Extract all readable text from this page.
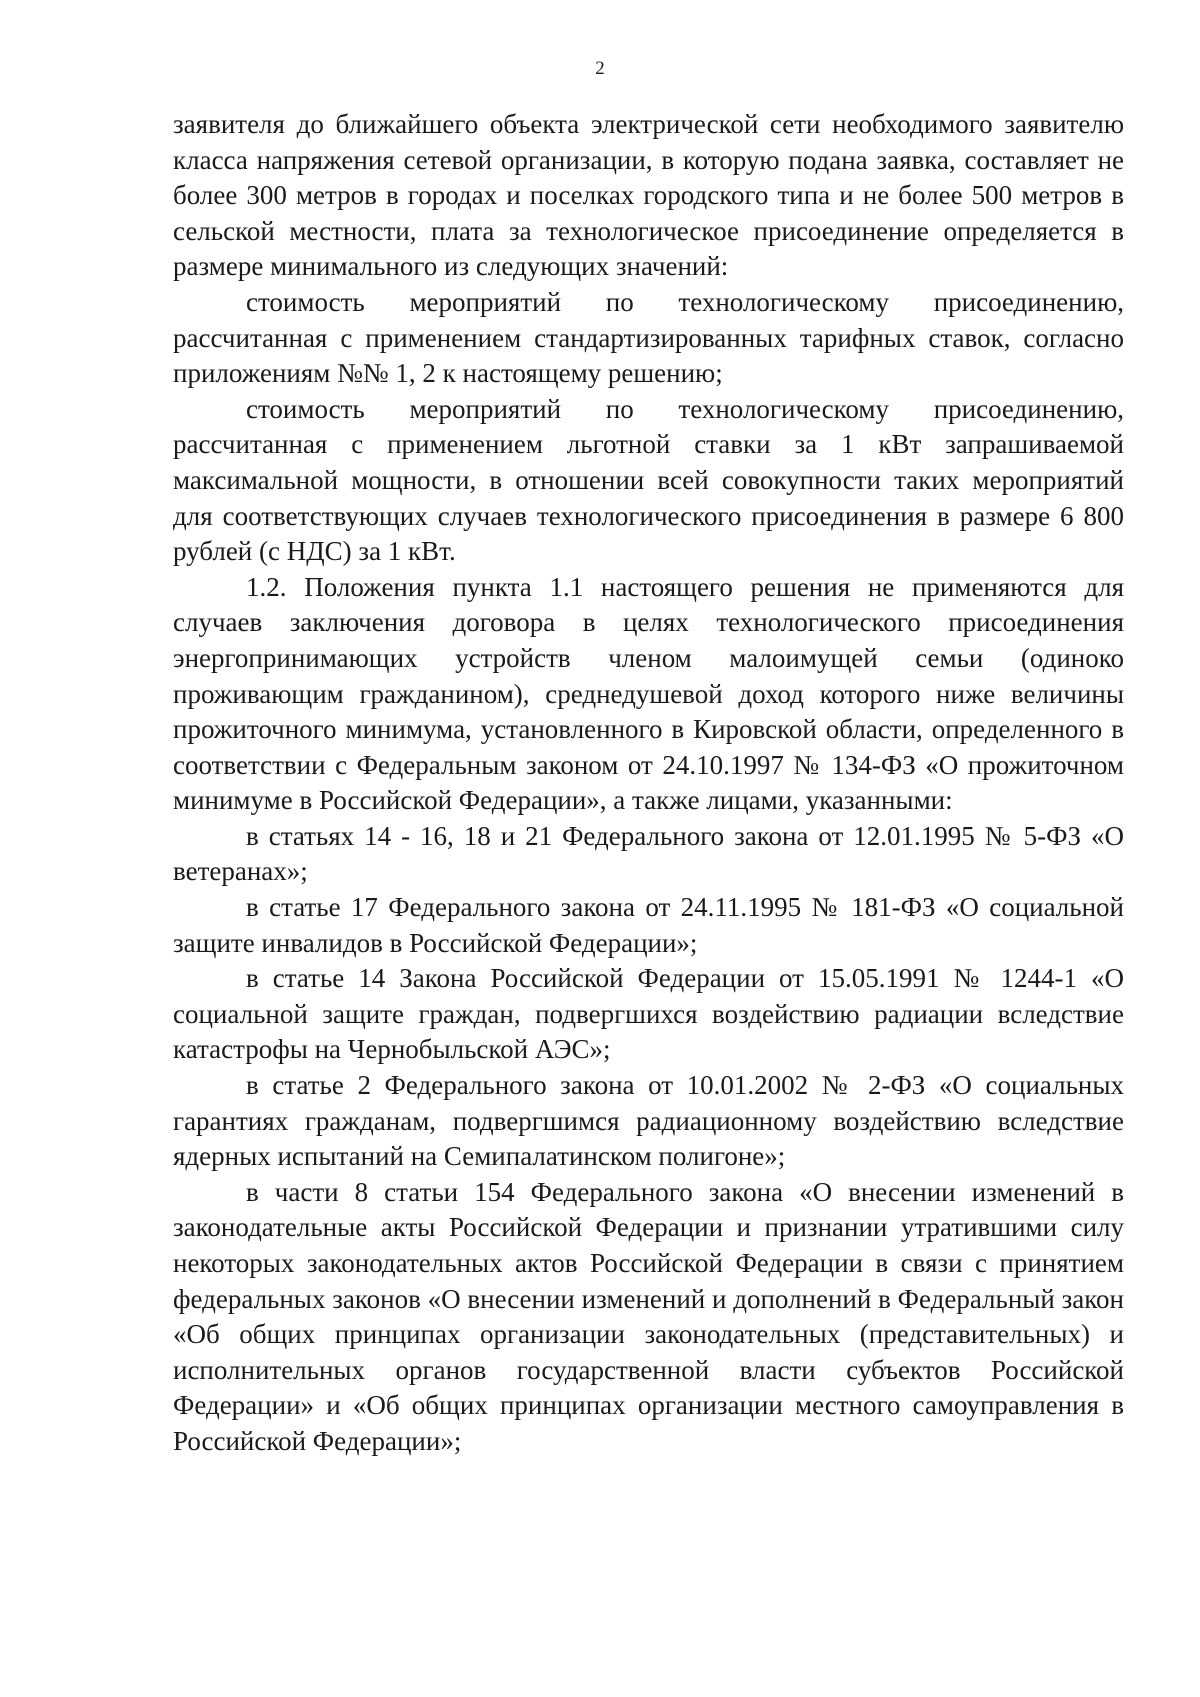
2

заявителя до ближайшего объекта электрической сети необходимого заявителю класса напряжения сетевой организации, в которую подана заявка, составляет не более 300 метров в городах и поселках городского типа и не более 500 метров в сельской местности, плата за технологическое присоединение определяется в размере минимального из следующих значений:

стоимость мероприятий по технологическому присоединению, рассчитанная с применением стандартизированных тарифных ставок, согласно приложениям №№ 1, 2 к настоящему решению;

стоимость мероприятий по технологическому присоединению, рассчитанная с применением льготной ставки за 1 кВт запрашиваемой максимальной мощности, в отношении всей совокупности таких мероприятий для соответствующих случаев технологического присоединения в размере 6 800 рублей (с НДС) за 1 кВт.

1.2. Положения пункта 1.1 настоящего решения не применяются для случаев заключения договора в целях технологического присоединения энергопринимающих устройств членом малоимущей семьи (одиноко проживающим гражданином), среднедушевой доход которого ниже величины прожиточного минимума, установленного в Кировской области, определенного в соответствии с Федеральным законом от 24.10.1997 № 134-ФЗ «О прожиточном минимуме в Российской Федерации», а также лицами, указанными:

в статьях 14 - 16, 18 и 21 Федерального закона от 12.01.1995 № 5-ФЗ «О ветеранах»;

в статье 17 Федерального закона от 24.11.1995 № 181-ФЗ «О социальной защите инвалидов в Российской Федерации»;

в статье 14 Закона Российской Федерации от 15.05.1991 № 1244-1 «О социальной защите граждан, подвергшихся воздействию радиации вследствие катастрофы на Чернобыльской АЭС»;

в статье 2 Федерального закона от 10.01.2002 № 2-ФЗ «О социальных гарантиях гражданам, подвергшимся радиационному воздействию вследствие ядерных испытаний на Семипалатинском полигоне»;

в части 8 статьи 154 Федерального закона «О внесении изменений в законодательные акты Российской Федерации и признании утратившими силу некоторых законодательных актов Российской Федерации в связи с принятием федеральных законов «О внесении изменений и дополнений в Федеральный закон «Об общих принципах организации законодательных (представительных) и исполнительных органов государственной власти субъектов Российской Федерации» и «Об общих принципах организации местного самоуправления в Российской Федерации»;
